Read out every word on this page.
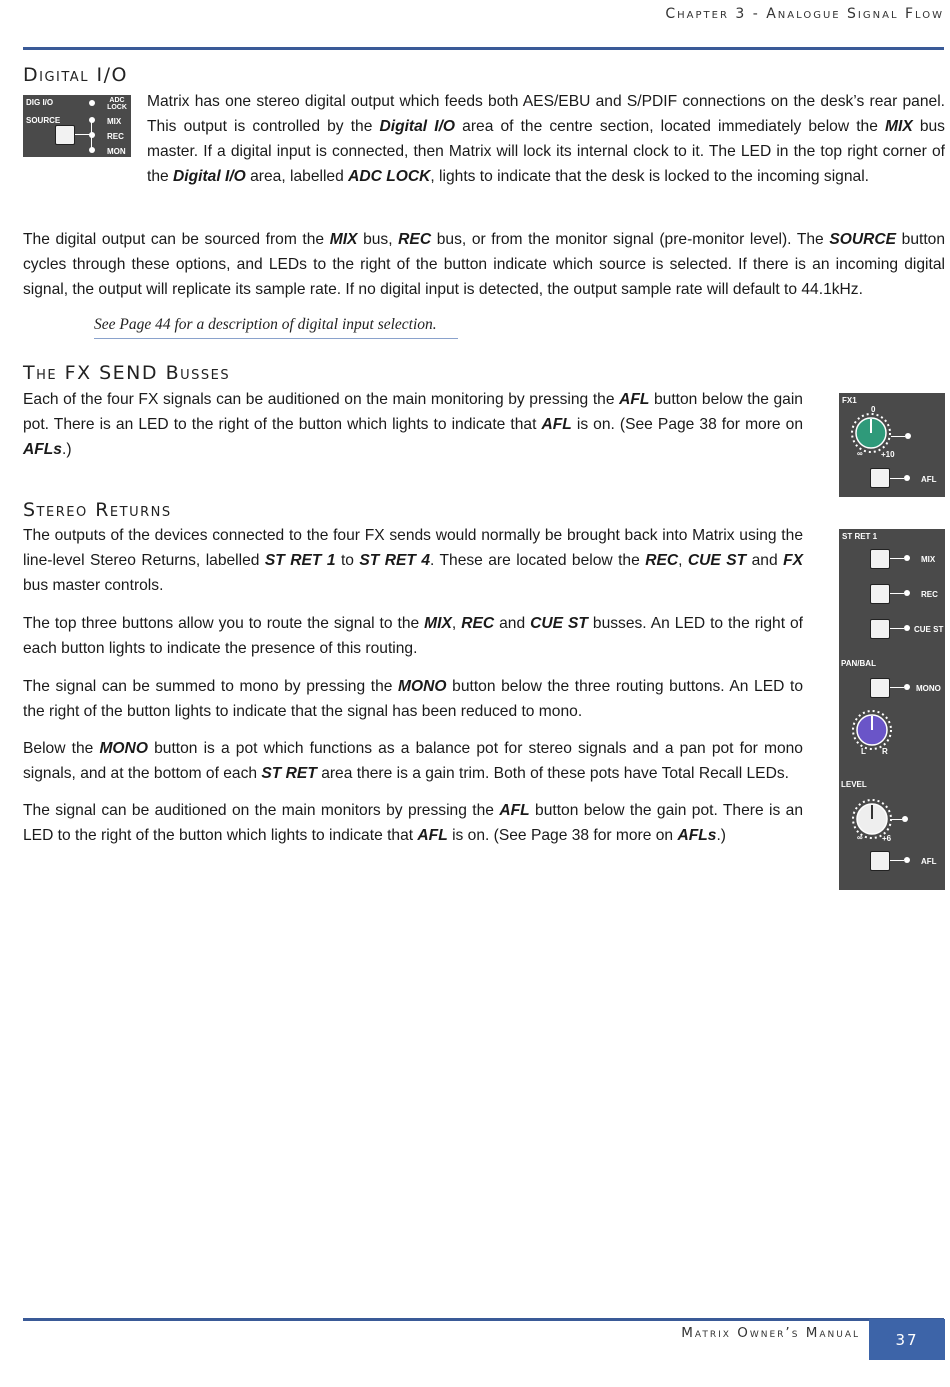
Chapter 3 - Analogue Signal Flow
Digital I/O
DIG I/O	ADC
LOCK
SOURCE	MIX
REC
MON

Matrix has one stereo digital output which feeds both AES/EBU and S/PDIF connections on the desk’s rear panel. This output is controlled by the Digital I/O area of the centre section, located immediately below the MIX bus master. If a digital input is connected, then Matrix will lock its internal clock to it. The LED in the top right corner of the Digital I/O area, labelled ADC LOCK, lights to indicate that the desk is locked to the incoming signal.

The digital output can be sourced from the MIX bus, REC bus, or from the monitor signal (pre-monitor level). The SOURCE button cycles through these options, and LEDs to the right of the button indicate which source is selected. If there is an incoming digital signal, the output will replicate its sample rate. If no digital input is detected, the output sample rate will default to 44.1kHz.

See Page 44 for a description of digital input selection.
The FX SEND Busses

Each of the four FX signals can be auditioned on the main monitoring by pressing the AFL button below the gain pot. There is an LED to the right of the button which lights to indicate that AFL is on. (See Page 38 for more on AFLs.)

FX1
0
∞ +10
AFL
Stereo Returns

The outputs of the devices connected to the four FX sends would normally be brought back into Matrix using the line-level Stereo Returns, labelled ST RET 1 to ST RET 4. These are located below the REC, CUE ST and FX bus master controls.

The top three buttons allow you to route the signal to the MIX, REC and CUE ST busses. An LED to the right of each button lights to indicate the presence of this routing.

The signal can be summed to mono by pressing the MONO button below the three routing buttons. An LED to the right of the button lights to indicate that the signal has been reduced to mono.

Below the MONO button is a pot which functions as a balance pot for stereo signals and a pan pot for mono signals, and at the bottom of each ST RET area there is a gain trim. Both of these pots have Total Recall LEDs.

The signal can be auditioned on the main monitors by pressing the AFL button below the gain pot. There is an LED to the right of the button which lights to indicate that AFL is on. (See Page 38 for more on AFLs.)

ST RET 1
MIX
REC
CUE ST
PAN/BAL
MONO
L R
LEVEL
∞ +6
AFL
Matrix Owner’s Manual	37
